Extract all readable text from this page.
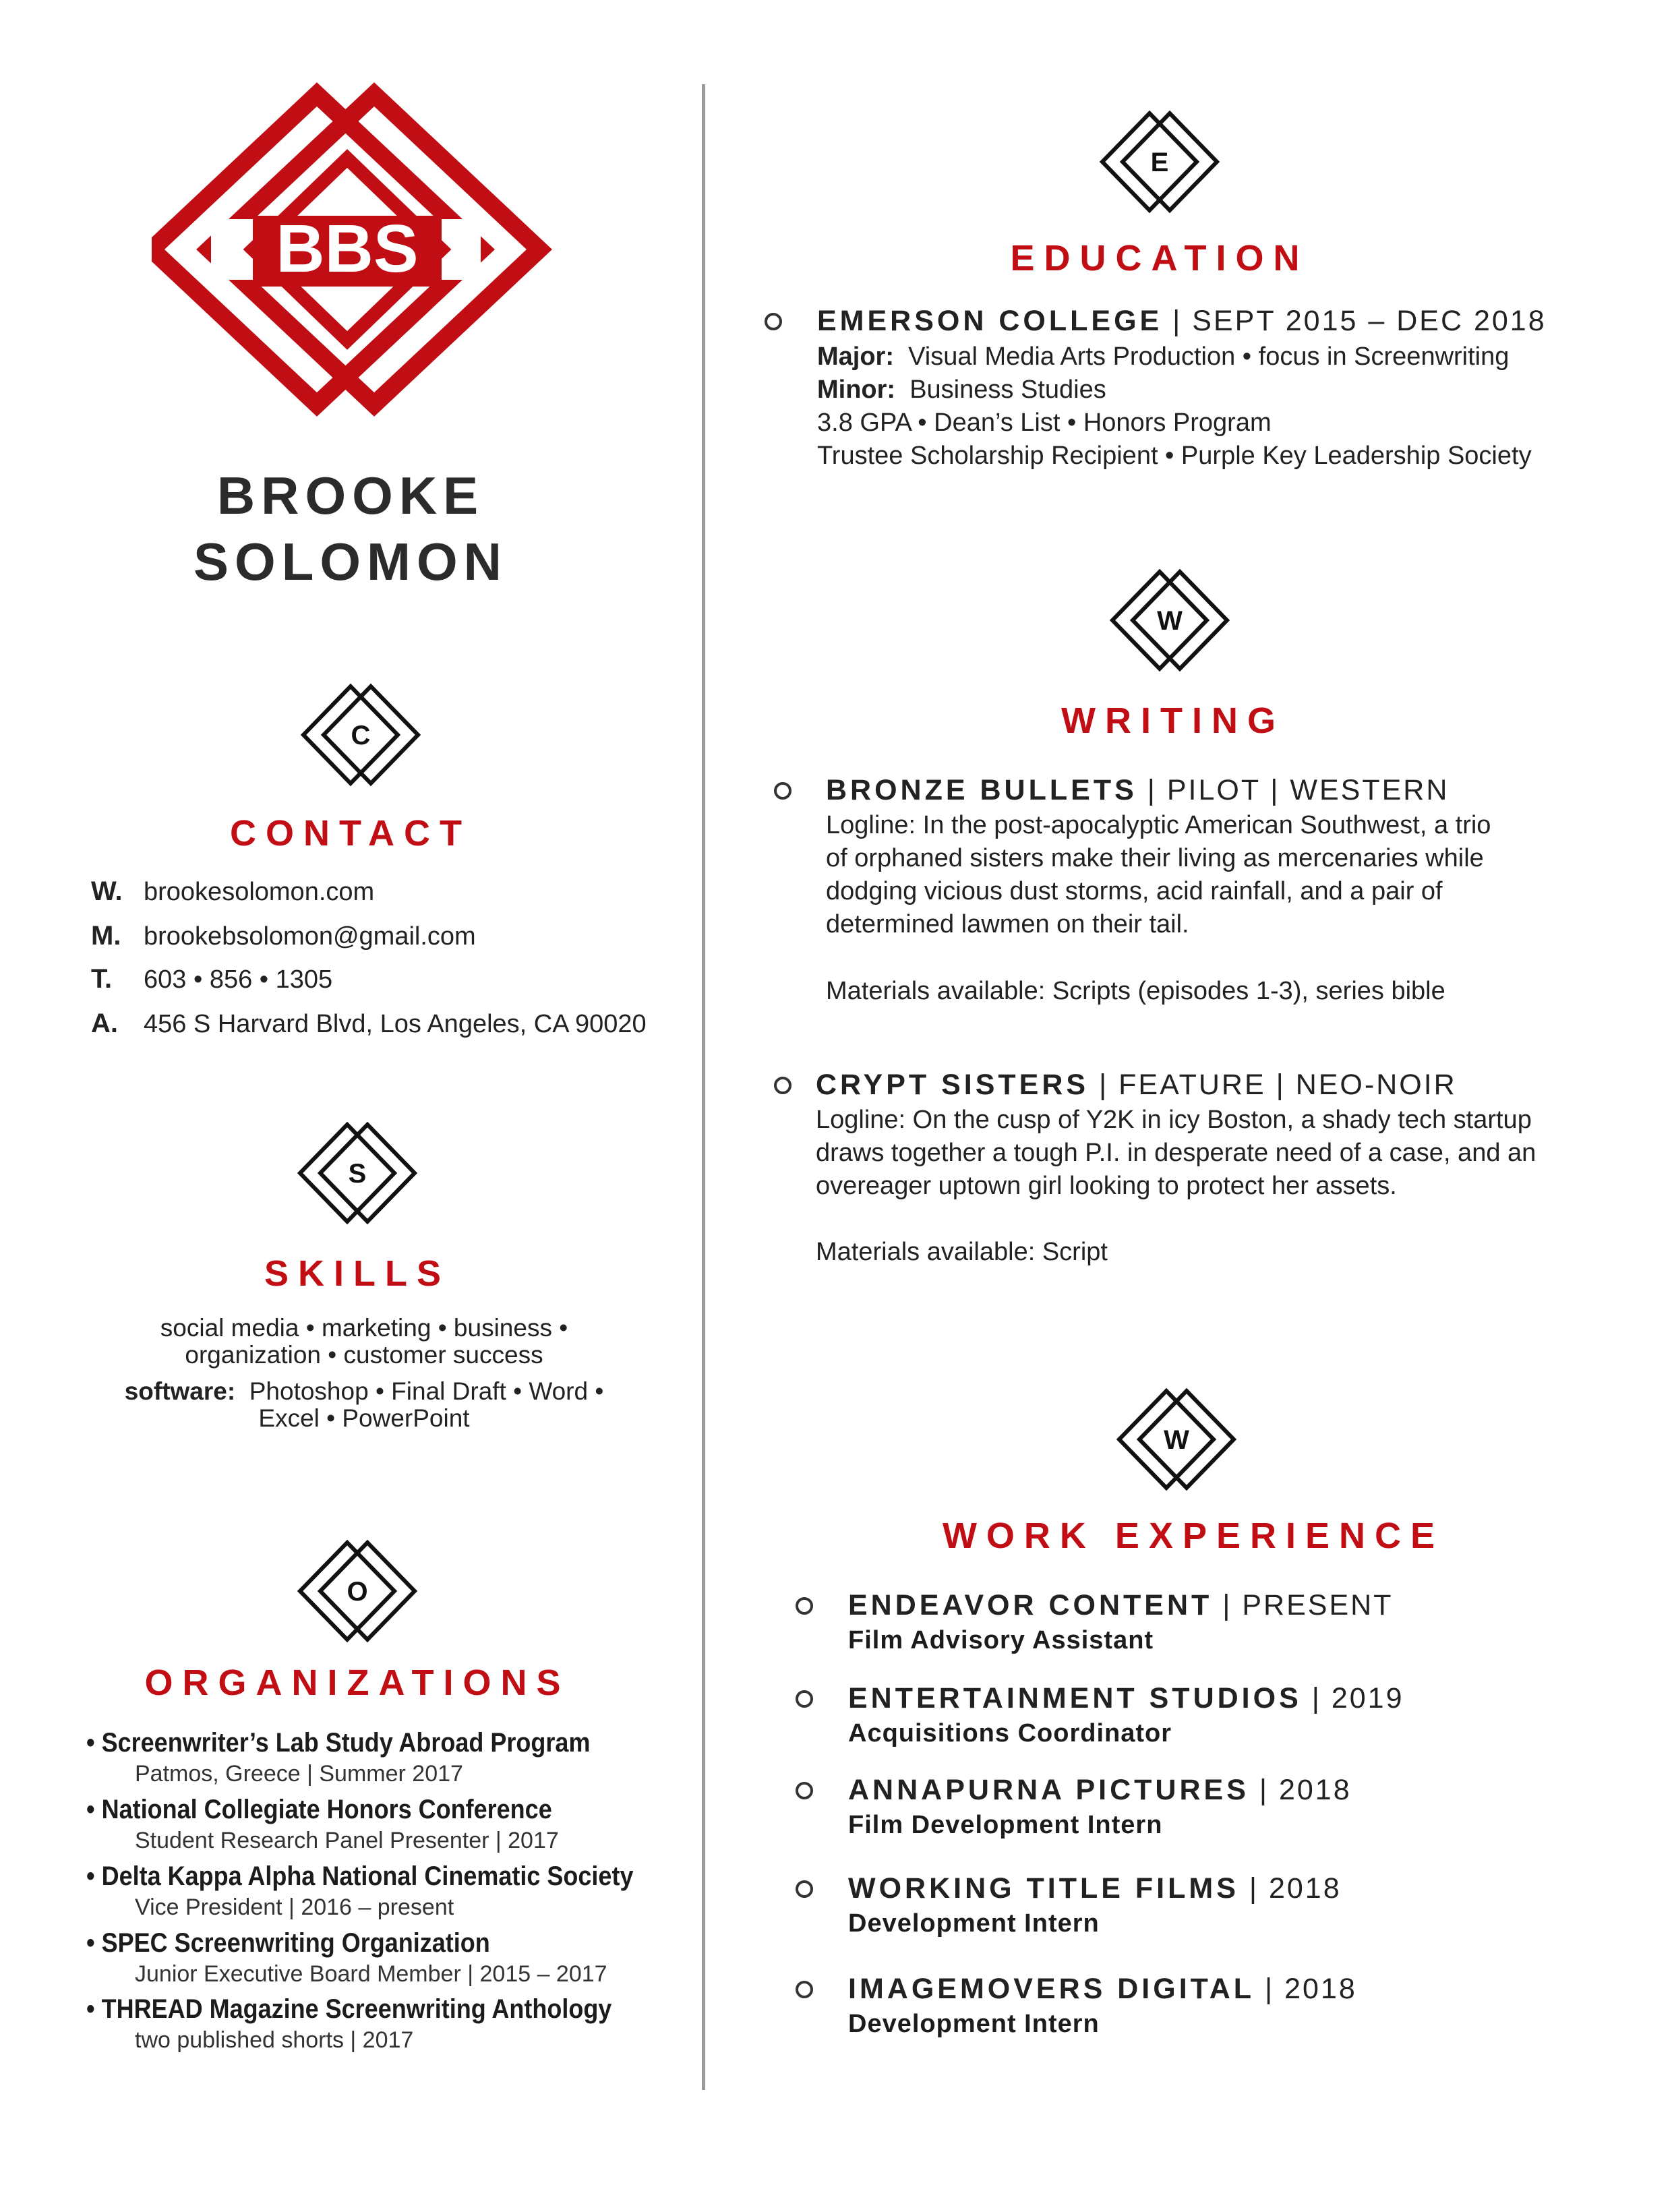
BBS
BROOKE
SOLOMON
C
CONTACT
W. brookesolomon.com
M. brookebsolomon@gmail.com
T. 603 • 856 • 1305
A. 456 S Harvard Blvd, Los Angeles, CA 90020
S
SKILLS
social media • marketing • business •
organization • customer success
software: Photoshop • Final Draft • Word •
Excel • PowerPoint
O
ORGANIZATIONS
• Screenwriter’s Lab Study Abroad Program
Patmos, Greece | Summer 2017
• National Collegiate Honors Conference
Student Research Panel Presenter | 2017
• Delta Kappa Alpha National Cinematic Society
Vice President | 2016 – present
• SPEC Screenwriting Organization
Junior Executive Board Member | 2015 – 2017
• THREAD Magazine Screenwriting Anthology
two published shorts | 2017
E
EDUCATION
EMERSON COLLEGE | SEPT 2015 – DEC 2018
Major: Visual Media Arts Production • focus in Screenwriting
Minor: Business Studies
3.8 GPA • Dean’s List • Honors Program
Trustee Scholarship Recipient • Purple Key Leadership Society
W
WRITING
BRONZE BULLETS | PILOT | WESTERN
Logline: In the post-apocalyptic American Southwest, a trio
of orphaned sisters make their living as mercenaries while
dodging vicious dust storms, acid rainfall, and a pair of
determined lawmen on their tail.
Materials available: Scripts (episodes 1-3), series bible
CRYPT SISTERS | FEATURE | NEO-NOIR
Logline: On the cusp of Y2K in icy Boston, a shady tech startup
draws together a tough P.I. in desperate need of a case, and an
overeager uptown girl looking to protect her assets.
Materials available: Script
W
WORK EXPERIENCE
ENDEAVOR CONTENT | PRESENT
Film Advisory Assistant
ENTERTAINMENT STUDIOS | 2019
Acquisitions Coordinator
ANNAPURNA PICTURES | 2018
Film Development Intern
WORKING TITLE FILMS | 2018
Development Intern
IMAGEMOVERS DIGITAL | 2018
Development Intern
